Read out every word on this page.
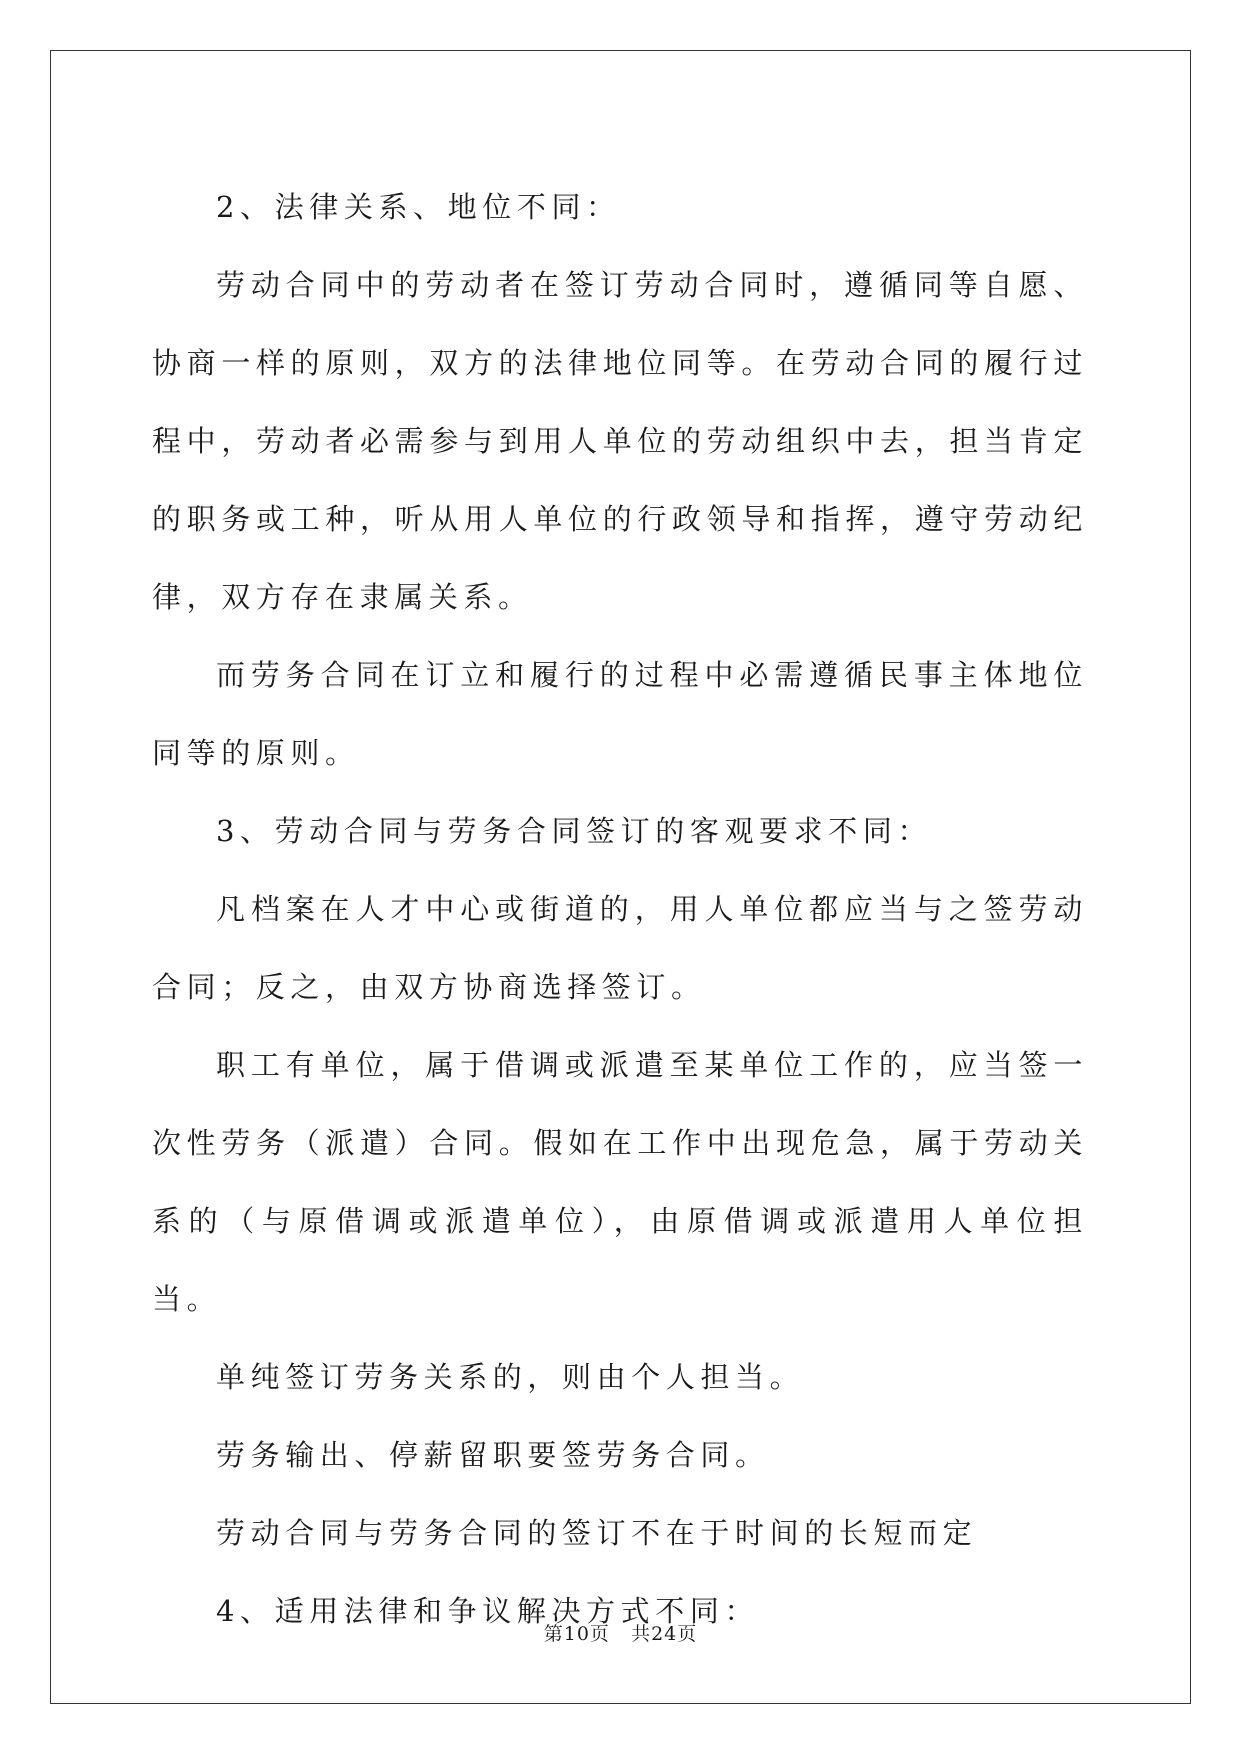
2、法律关系、地位不同：

劳动合同中的劳动者在签订劳动合同时，遵循同等自愿、协商一样的原则，双方的法律地位同等。在劳动合同的履行过程中，劳动者必需参与到用人单位的劳动组织中去，担当肯定的职务或工种，听从用人单位的行政领导和指挥，遵守劳动纪律，双方存在隶属关系。

而劳务合同在订立和履行的过程中必需遵循民事主体地位同等的原则。

3、劳动合同与劳务合同签订的客观要求不同：

凡档案在人才中心或街道的，用人单位都应当与之签劳动合同；反之，由双方协商选择签订。

职工有单位，属于借调或派遣至某单位工作的，应当签一次性劳务（派遣）合同。假如在工作中出现危急，属于劳动关系的（与原借调或派遣单位），由原借调或派遣用人单位担当。

单纯签订劳务关系的，则由个人担当。

劳务输出、停薪留职要签劳务合同。

劳动合同与劳务合同的签订不在于时间的长短而定

4、适用法律和争议解决方式不同：

第10页 共24页
